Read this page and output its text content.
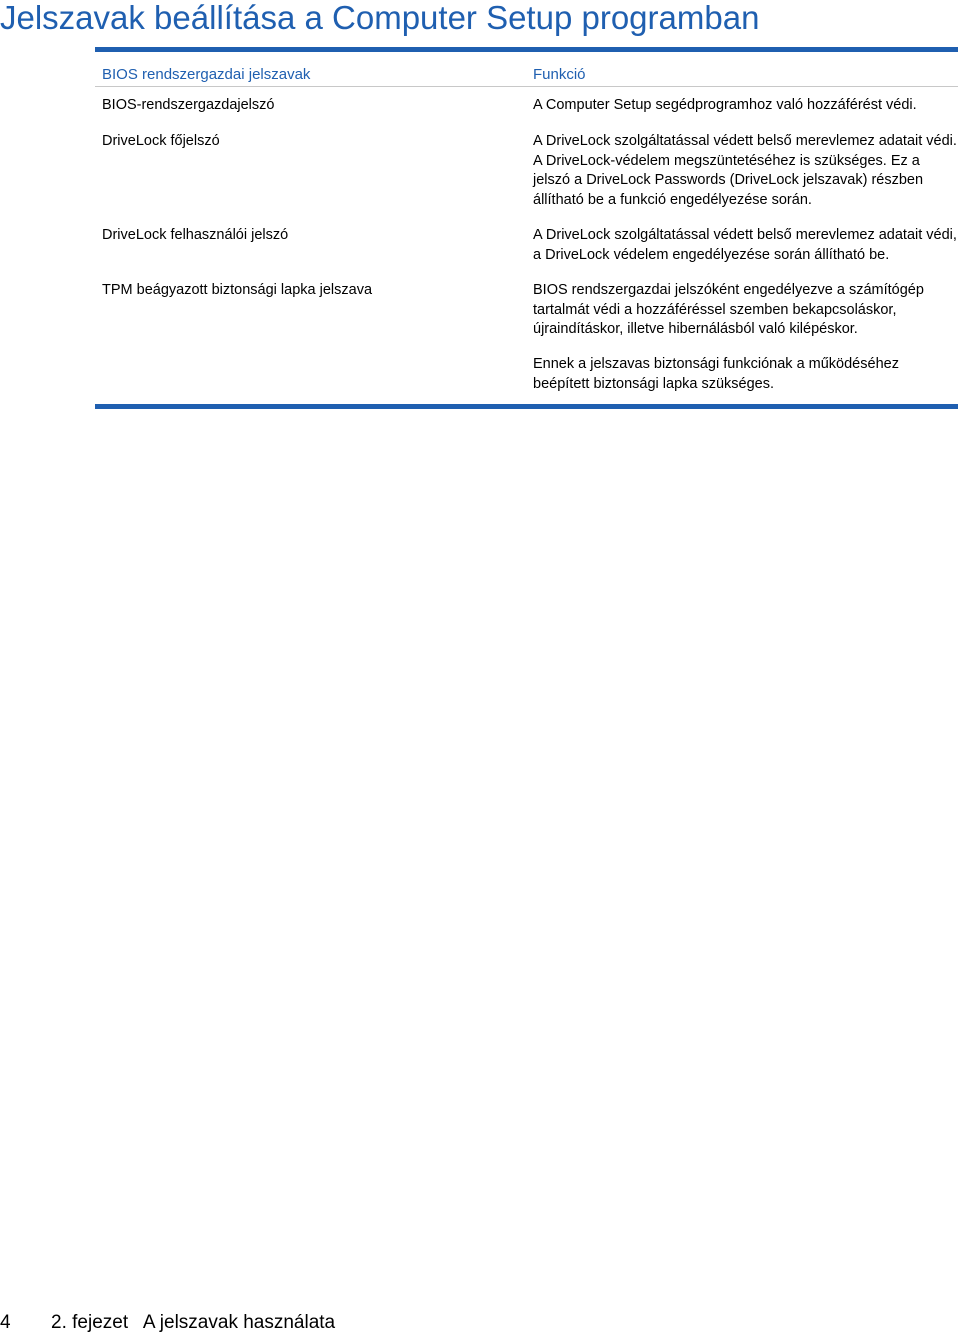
Jelszavak beállítása a Computer Setup programban
BIOS rendszergazdai jelszavak	Funkció
BIOS-rendszergazdajelszó	A Computer Setup segédprogramhoz való hozzáférést védi.
DriveLock főjelszó	A DriveLock szolgáltatással védett belső merevlemez adatait védi. A DriveLock-védelem megszüntetéséhez is szükséges. Ez a jelszó a DriveLock Passwords (DriveLock jelszavak) részben állítható be a funkció engedélyezése során.
DriveLock felhasználói jelszó	A DriveLock szolgáltatással védett belső merevlemez adatait védi, a DriveLock védelem engedélyezése során állítható be.
TPM beágyazott biztonsági lapka jelszava	BIOS rendszergazdai jelszóként engedélyezve a számítógép tartalmát védi a hozzáféréssel szemben bekapcsoláskor, újraindításkor, illetve hibernálásból való kilépéskor.
Ennek a jelszavas biztonsági funkciónak a működéséhez beépített biztonsági lapka szükséges.
4 2. fejezet   A jelszavak használata
